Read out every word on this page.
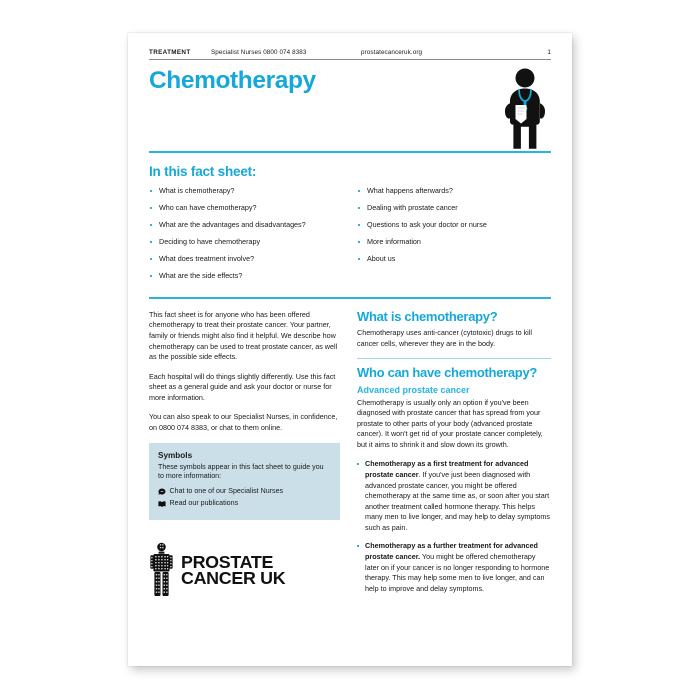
TREATMENT	Specialist Nurses 0800 074 8383	prostatecanceruk.org	1
Chemotherapy
In this fact sheet:
What is chemotherapy?
Who can have chemotherapy?
What are the advantages and disadvantages?
Deciding to have chemotherapy
What does treatment involve?
What are the side effects?
What happens afterwards?
Dealing with prostate cancer
Questions to ask your doctor or nurse
More information
About us

This fact sheet is for anyone who has been offered chemotherapy to treat their prostate cancer. Your partner, family or friends might also find it helpful. We describe how chemotherapy can be used to treat prostate cancer, as well as the possible side effects.

Each hospital will do things slightly differently. Use this fact sheet as a general guide and ask your doctor or nurse for more information.

You can also speak to our Specialist Nurses, in confidence, on 0800 074 8383, or chat to them online.

Symbols
These symbols appear in this fact sheet to guide you to more information:
Chat to one of our Specialist Nurses
Read our publications
PROSTATE
CANCER UK
What is chemotherapy?

Chemotherapy uses anti-cancer (cytotoxic) drugs to kill cancer cells, wherever they are in the body.

Who can have chemotherapy?
Advanced prostate cancer

Chemotherapy is usually only an option if you've been diagnosed with prostate cancer that has spread from your prostate to other parts of your body (advanced prostate cancer). It won't get rid of your prostate cancer completely, but it aims to shrink it and slow down its growth.

Chemotherapy as a first treatment for advanced prostate cancer. If you've just been diagnosed with advanced prostate cancer, you might be offered chemotherapy at the same time as, or soon after you start another treatment called hormone therapy. This helps many men to live longer, and may help to delay symptoms such as pain.
Chemotherapy as a further treatment for advanced prostate cancer. You might be offered chemotherapy later on if your cancer is no longer responding to hormone therapy. This may help some men to live longer, and can help to improve and delay symptoms.
